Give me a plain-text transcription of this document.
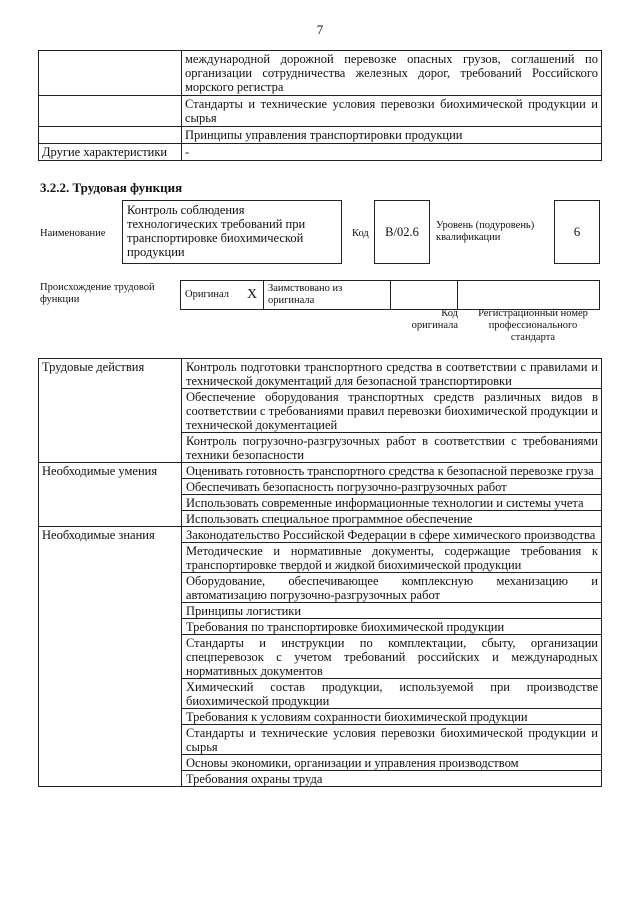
7
	международной дорожной перевозке опасных грузов, соглашений по организации сотрудничества железных дорог, требований Российского морского регистра
	Стандарты и технические условия перевозки биохимической продукции и сырья
	Принципы управления транспортировки продукции
Другие характеристики	-
3.2.2. Трудовая функция
Наименование
Контроль соблюдения технологических требований при транспортировке биохимической продукции
Код	В/02.6	Уровень (подуровень) квалификации	6
Происхождение трудовой функции	Оригинал	X	Заимствовано из оригинала		
Код оригинала
Регистрационный номер профессионального стандарта
Трудовые действия	Контроль подготовки транспортного средства в соответствии с правилами и технической документаций для безопасной транспортировки
	Обеспечение оборудования транспортных средств различных видов в соответствии с требованиями правил перевозки биохимической продукции и технической документацией
	Контроль погрузочно-разгрузочных работ в соответствии с требованиями техники безопасности
Необходимые умения	Оценивать готовность транспортного средства к безопасной перевозке груза
	Обеспечивать безопасность погрузочно-разгрузочных работ
	Использовать современные информационные технологии и системы учета
	Использовать специальное программное обеспечение
Необходимые знания	Законодательство Российской Федерации в сфере химического производства
	Методические и нормативные документы, содержащие требования к транспортировке твердой и жидкой биохимической продукции
	Оборудование, обеспечивающее комплексную механизацию и автоматизацию погрузочно-разгрузочных работ
	Принципы логистики
	Требования по транспортировке биохимической продукции
	Стандарты и инструкции по комплектации, сбыту, организации спецперевозок с учетом требований российских и международных нормативных документов
	Химический состав продукции, используемой при производстве биохимической продукции
	Требования к условиям сохранности биохимической продукции
	Стандарты и технические условия перевозки биохимической продукции и сырья
	Основы экономики, организации и управления производством
	Требования охраны труда
